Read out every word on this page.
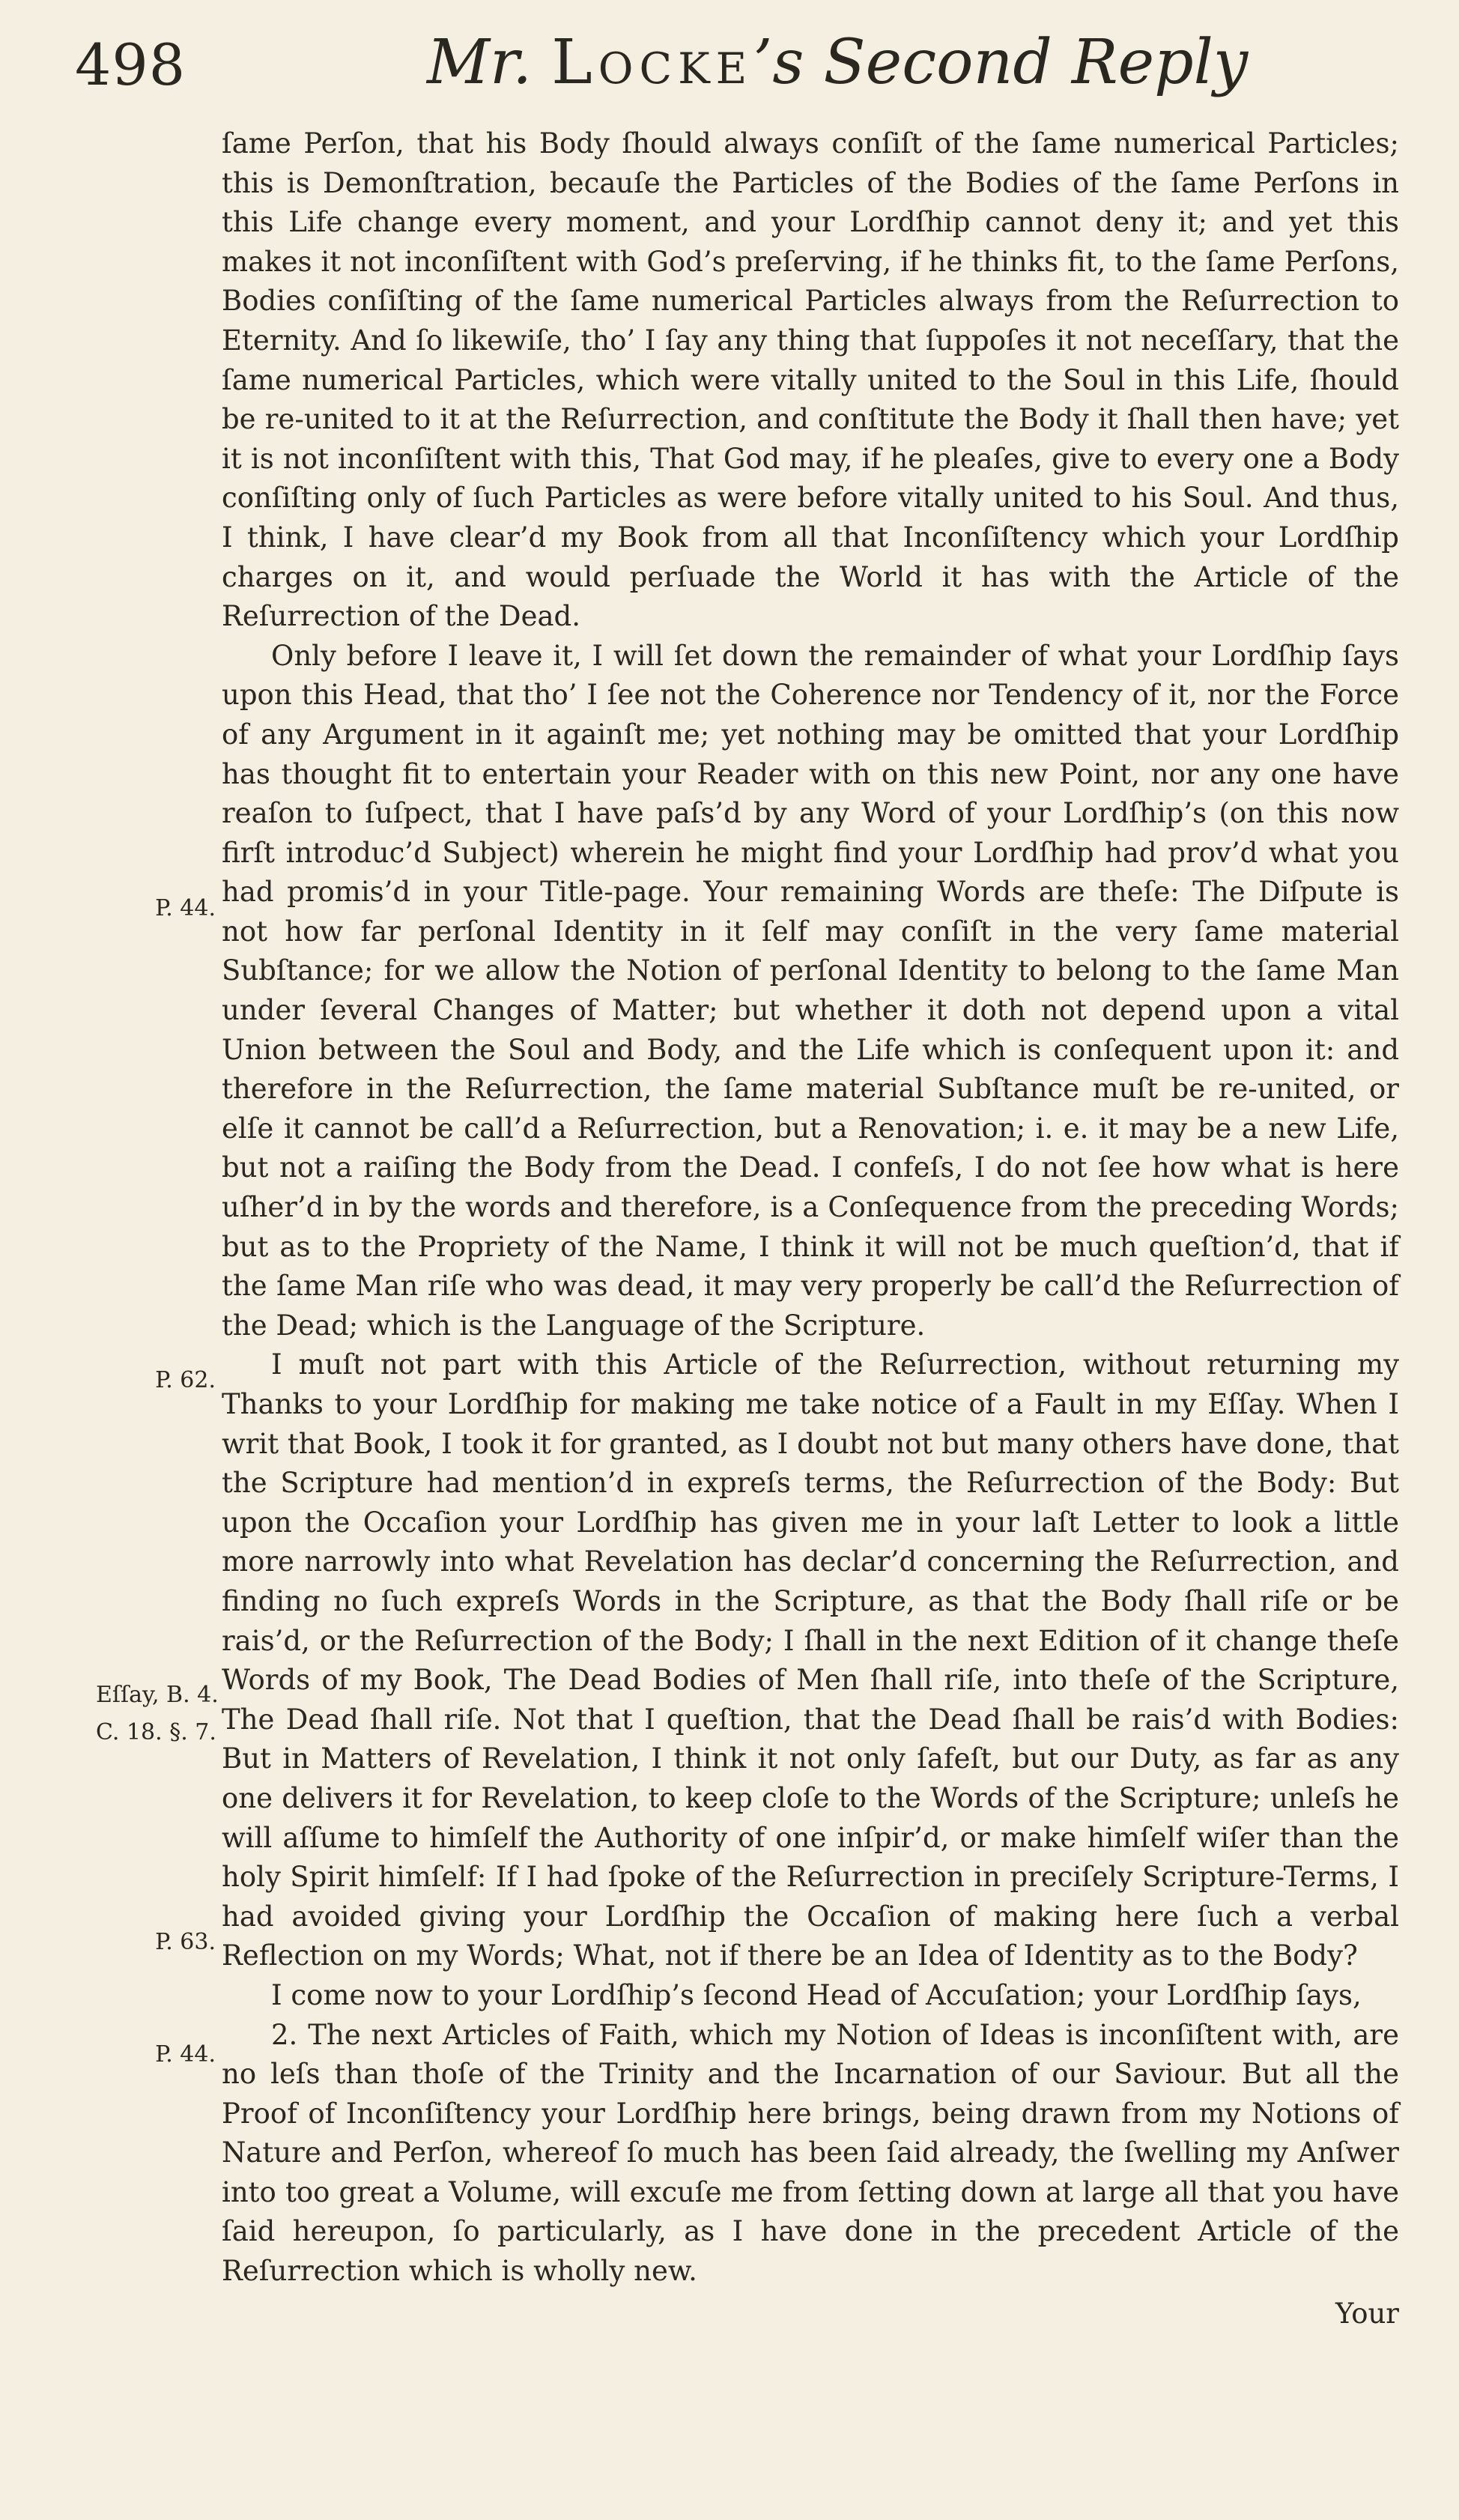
498	Mr. Locke’s Second Reply

ſame Perſon, that his Body ſhould always conſiſt of the ſame numerical Particles; this is Demonſtration, becauſe the Particles of the Bodies of the ſame Perſons in this Life change every moment, and your Lordſhip cannot deny it; and yet this makes it not inconſiſtent with God’s preſerving, if he thinks fit, to the ſame Perſons, Bodies conſiſting of the ſame numerical Particles always from the Reſurrection to Eternity. And ſo likewiſe, tho’ I ſay any thing that ſuppoſes it not neceſſary, that the ſame numerical Particles, which were vitally united to the Soul in this Life, ſhould be re-united to it at the Reſurrection, and conſtitute the Body it ſhall then have; yet it is not inconſiſtent with this, That God may, if he pleaſes, give to every one a Body conſiſting only of ſuch Particles as were before vitally united to his Soul. And thus, I think, I have clear’d my Book from all that Inconſiſtency which your Lordſhip charges on it, and would perſuade the World it has with the Article of the Reſurrection of the Dead.

Only before I leave it, I will ſet down the remainder of what your Lordſhip ſays upon this Head, that tho’ I ſee not the Coherence nor Tendency of it, nor the Force of any Argument in it againſt me; yet nothing may be omitted that your Lordſhip has thought fit to entertain your Reader with on this new Point, nor any one have reaſon to ſuſpect, that I have paſs’d by any Word of your Lordſhip’s (on this now firſt introduc’d Subject) wherein he might find your Lordſhip had prov’d what you had promis’d in your Title-page. Your remaining Words are theſe: The Diſpute is not how far perſonal Identity in it ſelf may conſiſt in the very ſame material Subſtance; for we allow the Notion of perſonal Identity to belong to the ſame Man under ſeveral Changes of Matter; but whether it doth not depend upon a vital Union between the Soul and Body, and the Life which is conſequent upon it: and therefore in the Reſurrection, the ſame material Subſtance muſt be re-united, or elſe it cannot be call’d a Reſurrection, but a Renovation; i. e. it may be a new Life, but not a raiſing the Body from the Dead. I confeſs, I do not ſee how what is here uſher’d in by the words and therefore, is a Conſequence from the preceding Words; but as to the Propriety of the Name, I think it will not be much queſtion’d, that if the ſame Man riſe who was dead, it may very properly be call’d the Reſurrection of the Dead; which is the Language of the Scripture.

I muſt not part with this Article of the Reſurrection, without returning my Thanks to your Lordſhip for making me take notice of a Fault in my Eſſay. When I writ that Book, I took it for granted, as I doubt not but many others have done, that the Scripture had mention’d in expreſs terms, the Reſurrection of the Body: But upon the Occaſion your Lordſhip has given me in your laſt Letter to look a little more narrowly into what Revelation has declar’d concerning the Reſurrection, and finding no ſuch expreſs Words in the Scripture, as that the Body ſhall riſe or be rais’d, or the Reſurrection of the Body; I ſhall in the next Edition of it change theſe Words of my Book, The Dead Bodies of Men ſhall riſe, into theſe of the Scripture, The Dead ſhall riſe. Not that I queſtion, that the Dead ſhall be rais’d with Bodies: But in Matters of Revelation, I think it not only ſafeſt, but our Duty, as far as any one delivers it for Revelation, to keep cloſe to the Words of the Scripture; unleſs he will aſſume to himſelf the Authority of one inſpir’d, or make himſelf wiſer than the holy Spirit himſelf: If I had ſpoke of the Reſurrection in preciſely Scripture-Terms, I had avoided giving your Lordſhip the Occaſion of making here ſuch a verbal Reflection on my Words; What, not if there be an Idea of Identity as to the Body?

I come now to your Lordſhip’s ſecond Head of Accuſation; your Lordſhip ſays,

2. The next Articles of Faith, which my Notion of Ideas is inconſiſtent with, are no leſs than thoſe of the Trinity and the Incarnation of our Saviour. But all the Proof of Inconſiſtency your Lordſhip here brings, being drawn from my Notions of Nature and Perſon, whereof ſo much has been ſaid already, the ſwelling my Anſwer into too great a Volume, will excuſe me from ſetting down at large all that you have ſaid hereupon, ſo particularly, as I have done in the precedent Article of the Reſurrection which is wholly new.

Your

P. 44.
P. 62.
Eſſay, B. 4.
C. 18. §. 7.
P. 63.
P. 44.
